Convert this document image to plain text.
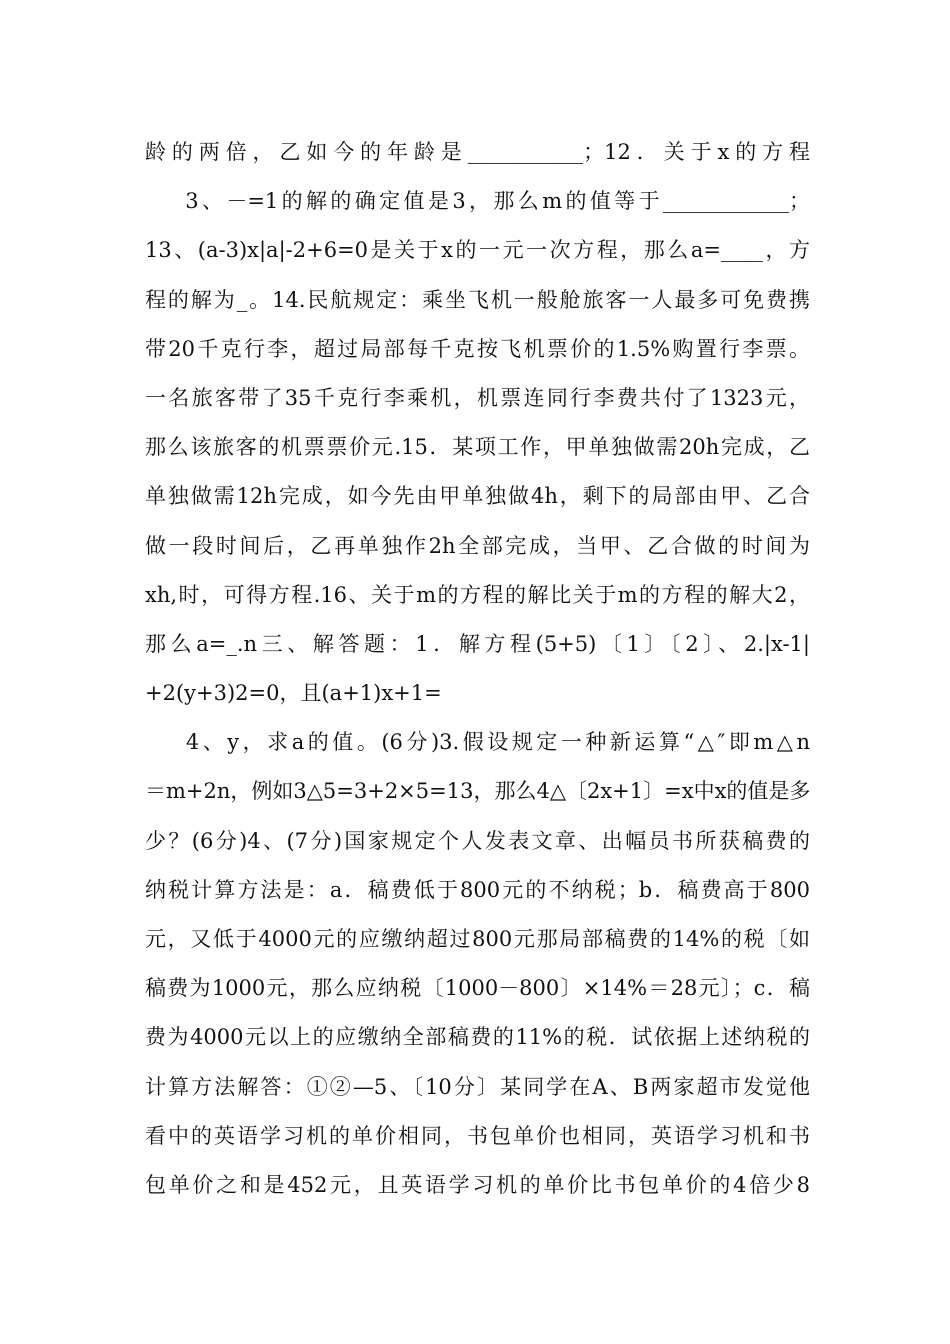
龄的两倍，乙如今的年龄是___________；12．关于x的方程
3、－=1的解的确定值是3，那么m的值等于____________；
13、(a-3)x|a|-2+6=0是关于x的一元一次方程，那么a=____，方
程的解为_。14.民航规定：乘坐飞机一般舱旅客一人最多可免费携
带20千克行李，超过局部每千克按飞机票价的1.5%购置行李票。
一名旅客带了35千克行李乘机，机票连同行李费共付了1323元，
那么该旅客的机票票价元.15．某项工作，甲单独做需20h完成，乙
单独做需12h完成，如今先由甲单独做4h，剩下的局部由甲、乙合
做一段时间后，乙再单独作2h全部完成，当甲、乙合做的时间为
xh,时，可得方程.16、关于m的方程的解比关于m的方程的解大2，
那么a=_.n三、解答题：1．解方程(5+5)〔1〕〔2〕、2.|x-1|
+2(y+3)2=0，且(a+1)x+1=
4、y，求a的值。(6分)3.假设规定一种新运算“△″即m△n
＝m+2n，例如3△5=3+2×5=13，那么4△〔2x+1〕=x中x的值是多
少？(6分)4、(7分)国家规定个人发表文章、出幅员书所获稿费的
纳税计算方法是：a．稿费低于800元的不纳税；b．稿费高于800
元，又低于4000元的应缴纳超过800元那局部稿费的14%的税〔如
稿费为1000元，那么应纳税〔1000－800〕×14%＝28元〕；c．稿
费为4000元以上的应缴纳全部稿费的11%的税．试依据上述纳税的
计算方法解答：①②—5、〔10分〕某同学在A、B两家超市发觉他
看中的英语学习机的单价相同，书包单价也相同，英语学习机和书
包单价之和是452元，且英语学习机的单价比书包单价的4倍少8
